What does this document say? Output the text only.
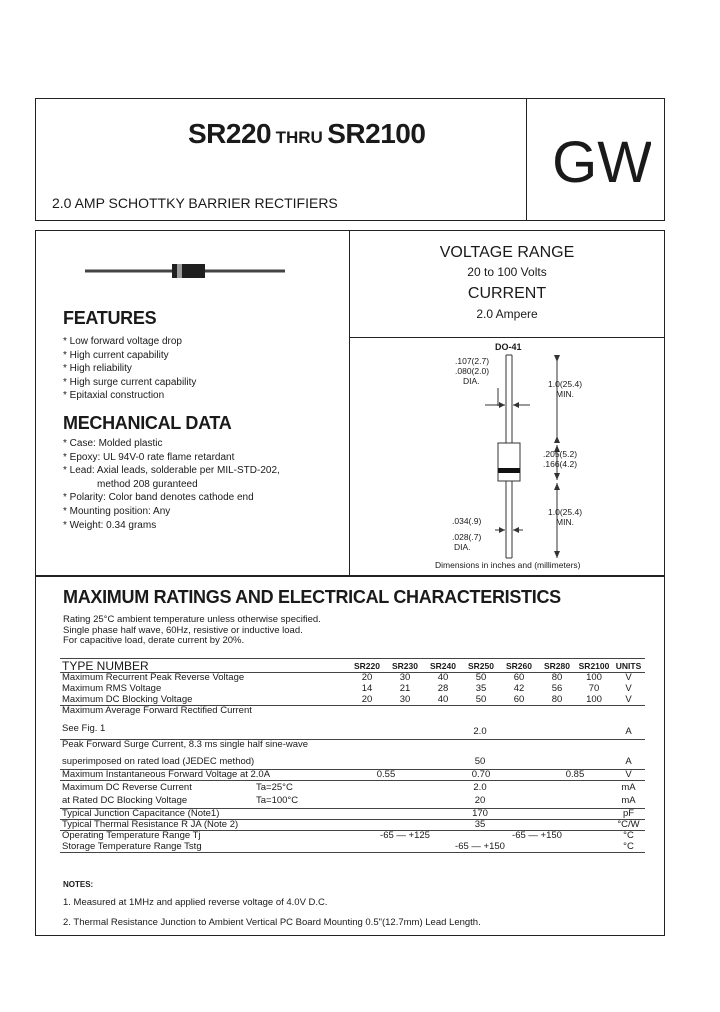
SR220 THRU SR2100
2.0 AMP SCHOTTKY BARRIER RECTIFIERS
GW
FEATURES
* Low forward voltage drop
* High current capability
* High reliability
* High surge current capability
* Epitaxial construction
MECHANICAL DATA
* Case: Molded plastic
* Epoxy: UL 94V-0 rate flame retardant
* Lead: Axial leads, solderable per MIL-STD-202,
method 208 guranteed
* Polarity: Color band denotes cathode end
* Mounting position: Any
* Weight: 0.34 grams
VOLTAGE RANGE
20 to 100 Volts
CURRENT
2.0 Ampere
DO-41
.107(2.7)
.080(2.0)
DIA.	1.0(25.4)
MIN.
.205(5.2)
.166(4.2)
1.0(25.4)
MIN.
.034(.9)
.028(.7)
DIA.
Dimensions in inches and (millimeters)
MAXIMUM RATINGS AND ELECTRICAL CHARACTERISTICS
Rating 25°C ambient temperature unless otherwise specified.
Single phase half wave, 60Hz, resistive or inductive load.
For capacitive load, derate current by 20%.
TYPE NUMBER	SR220	SR230	SR240	SR250	SR260	SR280	SR2100	UNITS
Maximum Recurrent Peak Reverse Voltage	20	30	40	50	60	80	100	V
Maximum RMS Voltage	14	21	28	35	42	56	70	V
Maximum DC Blocking Voltage	20	30	40	50	60	80	100	V

Maximum Average Forward Rectified Current
See Fig. 1	2.0							A

Peak Forward Surge Current, 8.3 ms single half sine-wave
superimposed on rated load (JEDEC method)	50							A
Maximum Instantaneous Forward Voltage at 2.0A	0.55		0.70			0.85		V
Maximum DC Reverse Current Ta=25°C	2.0							mA
at Rated DC Blocking Voltage Ta=100°C	20							mA
Typical Junction Capacitance (Note1)	170							pF
Typical Thermal Resistance R JA (Note 2)	35							°C/W
Operating Temperature Range Tj	-65 — +125			-65 — +150				°C
Storage Temperature Range Tstg	-65 — +150							°C
NOTES:
1. Measured at 1MHz and applied reverse voltage of 4.0V D.C.
2. Thermal Resistance Junction to Ambient Vertical PC Board Mounting 0.5"(12.7mm) Lead Length.
